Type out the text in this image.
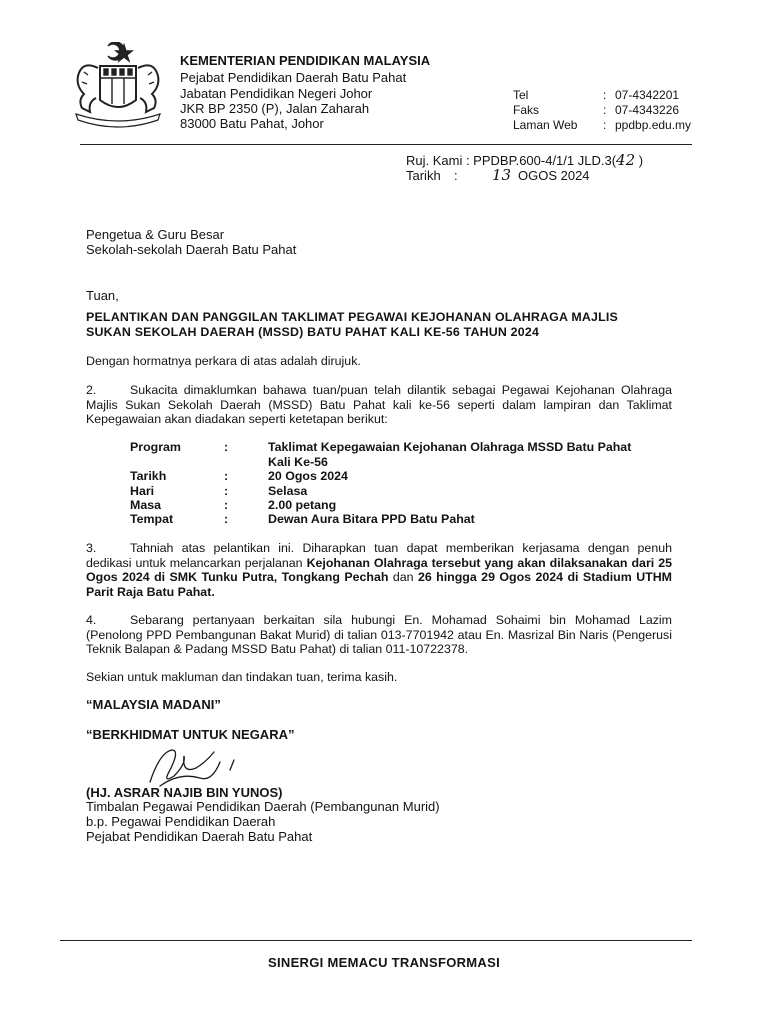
KEMENTERIAN PENDIDIKAN MALAYSIA
Pejabat Pendidikan Daerah Batu Pahat
Jabatan Pendidikan Negeri Johor
JKR BP 2350 (P), Jalan Zaharah
83000 Batu Pahat, Johor
Tel	: 07-4342201
Faks	: 07-4343226
Laman Web : ppdbp.edu.my
Ruj. Kami : PPDBP.600-4/1/1 JLD.3(42 )
Tarikh : 13 OGOS 2024
Pengetua & Guru Besar
Sekolah-sekolah Daerah Batu Pahat
Tuan,
PELANTIKAN DAN PANGGILAN TAKLIMAT PEGAWAI KEJOHANAN OLAHRAGA MAJLIS
SUKAN SEKOLAH DAERAH (MSSD) BATU PAHAT KALI KE-56 TAHUN 2024
Dengan hormatnya perkara di atas adalah dirujuk.
2.	Sukacita dimaklumkan bahawa tuan/puan telah dilantik sebagai Pegawai Kejohanan Olahraga Majlis Sukan Sekolah Daerah (MSSD) Batu Pahat kali ke-56 seperti dalam lampiran dan Taklimat Kepegawaian akan diadakan seperti ketetapan berikut:
Program	:	Taklimat Kepegawaian Kejohanan Olahraga MSSD Batu Pahat
Kali Ke-56
Tarikh	:	20 Ogos 2024
Hari	:	Selasa
Masa	:	2.00 petang
Tempat	:	Dewan Aura Bitara PPD Batu Pahat
3.	Tahniah atas pelantikan ini. Diharapkan tuan dapat memberikan kerjasama dengan penuh dedikasi untuk melancarkan perjalanan Kejohanan Olahraga tersebut yang akan dilaksanakan dari 25 Ogos 2024 di SMK Tunku Putra, Tongkang Pechah dan 26 hingga 29 Ogos 2024 di Stadium UTHM Parit Raja Batu Pahat.
4.	Sebarang pertanyaan berkaitan sila hubungi En. Mohamad Sohaimi bin Mohamad Lazim (Penolong PPD Pembangunan Bakat Murid) di talian 013-7701942 atau En. Masrizal Bin Naris (Pengerusi Teknik Balapan & Padang MSSD Batu Pahat) di talian 011-10722378.
Sekian untuk makluman dan tindakan tuan, terima kasih.
“MALAYSIA MADANI”
“BERKHIDMAT UNTUK NEGARA”
(HJ. ASRAR NAJIB BIN YUNOS)
Timbalan Pegawai Pendidikan Daerah (Pembangunan Murid)
b.p. Pegawai Pendidikan Daerah
Pejabat Pendidikan Daerah Batu Pahat
SINERGI MEMACU TRANSFORMASI
